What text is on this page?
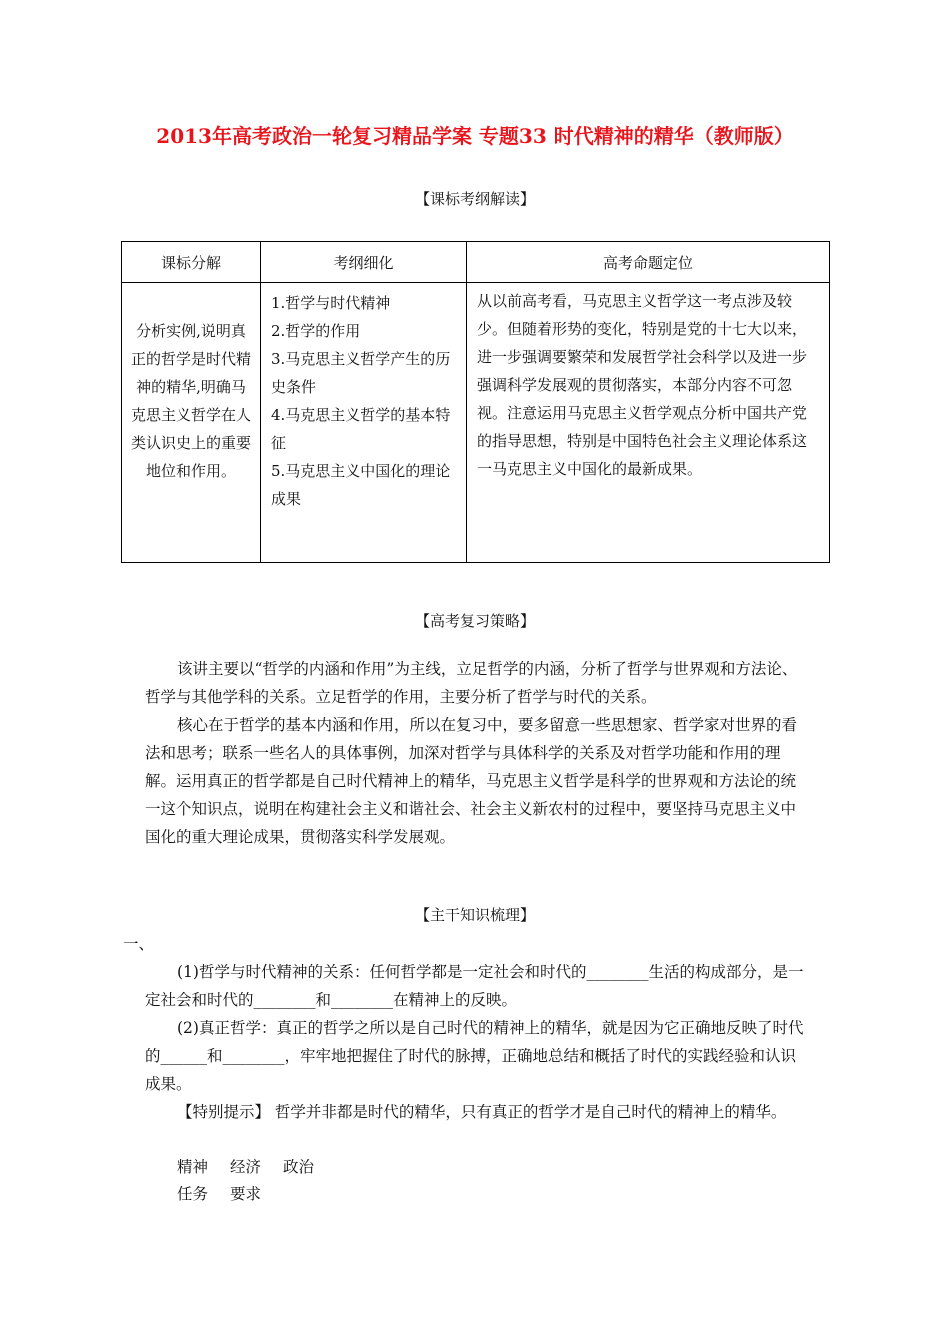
2013年高考政治一轮复习精品学案 专题33 时代精神的精华（教师版）
【课标考纲解读】
课标分解	考纲细化	高考命题定位
分析实例,说明真正的哲学是时代精神的精华,明确马克思主义哲学在人类认识史上的重要地位和作用。	1.哲学与时代精神
2.哲学的作用
3.马克思主义哲学产生的历史条件
4.马克思主义哲学的基本特征
5.马克思主义中国化的理论成果	从以前高考看，马克思主义哲学这一考点涉及较少。但随着形势的变化，特别是党的十七大以来，进一步强调要繁荣和发展哲学社会科学以及进一步强调科学发展观的贯彻落实，本部分内容不可忽视。注意运用马克思主义哲学观点分析中国共产党的指导思想，特别是中国特色社会主义理论体系这一马克思主义中国化的最新成果。
【高考复习策略】

该讲主要以“哲学的内涵和作用”为主线，立足哲学的内涵，分析了哲学与世界观和方法论、哲学与其他学科的关系。立足哲学的作用，主要分析了哲学与时代的关系。

核心在于哲学的基本内涵和作用，所以在复习中，要多留意一些思想家、哲学家对世界的看法和思考；联系一些名人的具体事例，加深对哲学与具体科学的关系及对哲学功能和作用的理解。运用真正的哲学都是自己时代精神上的精华，马克思主义哲学是科学的世界观和方法论的统一这个知识点，说明在构建社会主义和谐社会、社会主义新农村的过程中，要坚持马克思主义中国化的重大理论成果，贯彻落实科学发展观。

【主干知识梳理】

一、

(1)哲学与时代精神的关系：任何哲学都是一定社会和时代的________生活的构成部分，是一定社会和时代的________和________在精神上的反映。

(2)真正哲学：真正的哲学之所以是自己时代的精神上的精华，就是因为它正确地反映了时代的______和________，牢牢地把握住了时代的脉搏，正确地总结和概括了时代的实践经验和认识成果。

【特别提示】 哲学并非都是时代的精华，只有真正的哲学才是自己时代的精神上的精华。

精神 经济 政治

任务 要求
